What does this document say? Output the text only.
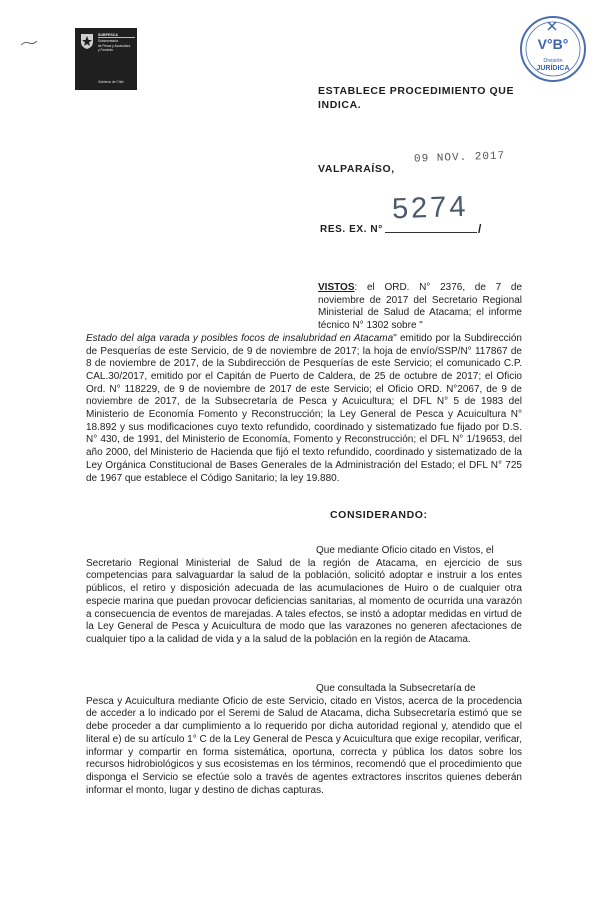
SUBPESCA
Subsecretaría
de Pesca y Acuicultura
y Fomento
Gobierno de Chile
V°B°
División
JURÍDICA
ESTABLECE PROCEDIMIENTO QUE
INDICA.
VALPARAÍSO,
09 NOV. 2017
5274
RES. EX. N°	/

VISTOS: el ORD. N° 2376, de 7 de noviembre de 2017 del Secretario Regional Ministerial de Salud de Atacama; el informe técnico N° 1302 sobre "
Estado del alga varada y posibles focos de insalubridad en Atacama" emitido por la Subdirección de Pesquerías de este Servicio, de 9 de noviembre de 2017; la hoja de envío/SSP/N° 117867 de 8 de noviembre de 2017, de la Subdirección de Pesquerías de este Servicio; el comunicado C.P. CAL.30/2017, emitido por el Capitán de Puerto de Caldera, de 25 de octubre de 2017; el Oficio Ord. N° 118229, de 9 de noviembre de 2017 de este Servicio; el Oficio ORD. N°2067, de 9 de noviembre de 2017, de la Subsecretaría de Pesca y Acuicultura; el DFL N° 5 de 1983 del Ministerio de Economía Fomento y Reconstrucción; la Ley General de Pesca y Acuicultura N° 18.892 y sus modificaciones cuyo texto refundido, coordinado y sistematizado fue fijado por D.S. N° 430, de 1991, del Ministerio de Economía, Fomento y Reconstrucción; el DFL N° 1/19653, del año 2000, del Ministerio de Hacienda que fijó el texto refundido, coordinado y sistematizado de la Ley Orgánica Constitucional de Bases Generales de la Administración del Estado; el DFL N° 725 de 1967 que establece el Código Sanitario; la ley 19.880.

CONSIDERANDO:

Que mediante Oficio citado en Vistos, el
Secretario Regional Ministerial de Salud de la región de Atacama, en ejercicio de sus competencias para salvaguardar la salud de la población, solicitó adoptar e instruir a los entes públicos, el retiro y disposición adecuada de las acumulaciones de Huiro o de cualquier otra especie marina que puedan provocar deficiencias sanitarias, al momento de ocurrida una varazón a consecuencia de eventos de marejadas. A tales efectos, se instó a adoptar medidas en virtud de la Ley General de Pesca y Acuicultura de modo que las varazones no generen afectaciones de cualquier tipo a la calidad de vida y a la salud de la población en la región de Atacama.

Que consultada la Subsecretaría de
Pesca y Acuicultura mediante Oficio de este Servicio, citado en Vistos, acerca de la procedencia de acceder a lo indicado por el Seremi de Salud de Atacama, dicha Subsecretaría estimó que se debe proceder a dar cumplimiento a lo requerido por dicha autoridad regional y, atendido que el literal e) de su artículo 1° C de la Ley General de Pesca y Acuicultura que exige recopilar, verificar, informar y compartir en forma sistemática, oportuna, correcta y pública los datos sobre los recursos hidrobiológicos y sus ecosistemas en los términos, recomendó que el procedimiento que disponga el Servicio se efectúe solo a través de agentes extractores inscritos quienes deberán informar el monto, lugar y destino de dichas capturas.
